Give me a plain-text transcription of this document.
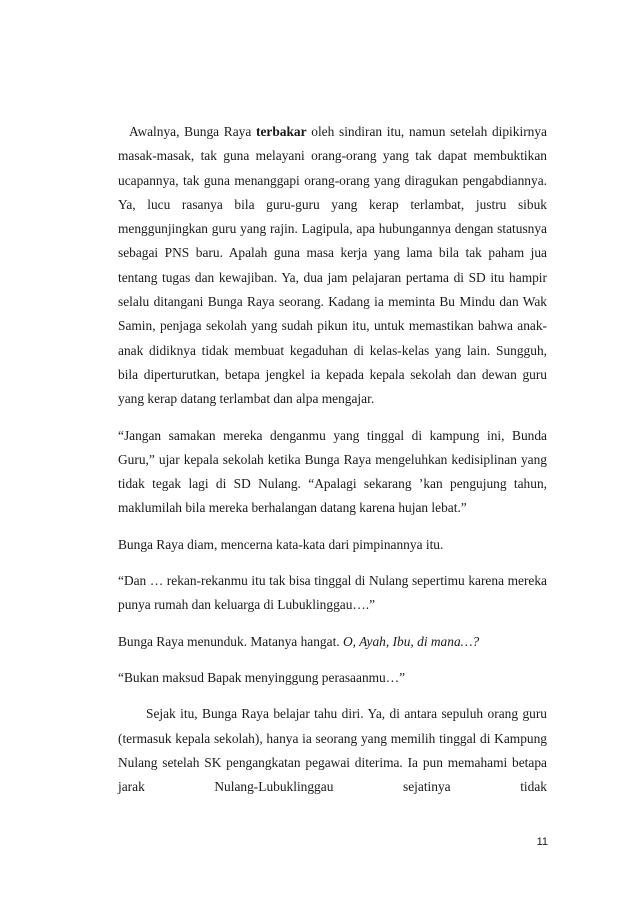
Awalnya, Bunga Raya terbakar oleh sindiran itu, namun setelah dipikirnya masak-masak, tak guna melayani orang-orang yang tak dapat membuktikan ucapannya, tak guna menanggapi orang-orang yang diragukan pengabdiannya. Ya, lucu rasanya bila guru-guru yang kerap terlambat, justru sibuk menggunjingkan guru yang rajin. Lagipula, apa hubungannya dengan statusnya sebagai PNS baru. Apalah guna masa kerja yang lama bila tak paham jua tentang tugas dan kewajiban. Ya, dua jam pelajaran pertama di SD itu hampir selalu ditangani Bunga Raya seorang. Kadang ia meminta Bu Mindu dan Wak Samin, penjaga sekolah yang sudah pikun itu, untuk memastikan bahwa anak-anak didiknya tidak membuat kegaduhan di kelas-kelas yang lain. Sungguh, bila diperturutkan, betapa jengkel ia kepada kepala sekolah dan dewan guru yang kerap datang terlambat dan alpa mengajar.

“Jangan samakan mereka denganmu yang tinggal di kampung ini, Bunda Guru,” ujar kepala sekolah ketika Bunga Raya mengeluhkan kedisiplinan yang tidak tegak lagi di SD Nulang. “Apalagi sekarang ’kan pengujung tahun, maklumilah bila mereka berhalangan datang karena hujan lebat.”

Bunga Raya diam, mencerna kata-kata dari pimpinannya itu.

“Dan … rekan-rekanmu itu tak bisa tinggal di Nulang sepertimu karena mereka punya rumah dan keluarga di Lubuklinggau….”

Bunga Raya menunduk. Matanya hangat. O, Ayah, Ibu, di mana…?

“Bukan maksud Bapak menyinggung perasaanmu…”

Sejak itu, Bunga Raya belajar tahu diri. Ya, di antara sepuluh orang guru (termasuk kepala sekolah), hanya ia seorang yang memilih tinggal di Kampung Nulang setelah SK pengangkatan pegawai diterima. Ia pun memahami betapa jarak Nulang-Lubuklinggau sejatinya tidak

11
